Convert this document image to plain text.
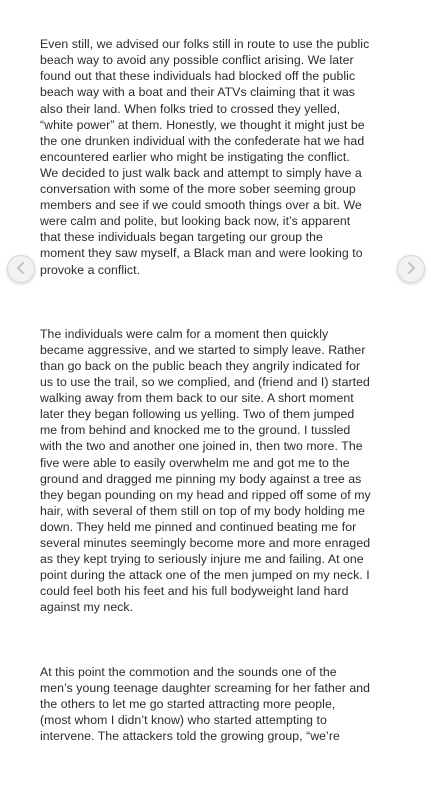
Even still, we advised our folks still in route to use the public
beach way to avoid any possible conflict arising. We later
found out that these individuals had blocked off the public
beach way with a boat and their ATVs claiming that it was
also their land. When folks tried to crossed they yelled,
“white power” at them. Honestly, we thought it might just be
the one drunken individual with the confederate hat we had
encountered earlier who might be instigating the conflict.
We decided to just walk back and attempt to simply have a
conversation with some of the more sober seeming group
members and see if we could smooth things over a bit. We
were calm and polite, but looking back now, it’s apparent
that these individuals began targeting our group the
moment they saw myself, a Black man and were looking to
provoke a conflict.

The individuals were calm for a moment then quickly
became aggressive, and we started to simply leave. Rather
than go back on the public beach they angrily indicated for
us to use the trail, so we complied, and (friend and I) started
walking away from them back to our site. A short moment
later they began following us yelling. Two of them jumped
me from behind and knocked me to the ground. I tussled
with the two and another one joined in, then two more. The
five were able to easily overwhelm me and got me to the
ground and dragged me pinning my body against a tree as
they began pounding on my head and ripped off some of my
hair, with several of them still on top of my body holding me
down. They held me pinned and continued beating me for
several minutes seemingly become more and more enraged
as they kept trying to seriously injure me and failing. At one
point during the attack one of the men jumped on my neck. I
could feel both his feet and his full bodyweight land hard
against my neck.

At this point the commotion and the sounds one of the
men’s young teenage daughter screaming for her father and
the others to let me go started attracting more people,
(most whom I didn’t know) who started attempting to
intervene. The attackers told the growing group, “we’re
